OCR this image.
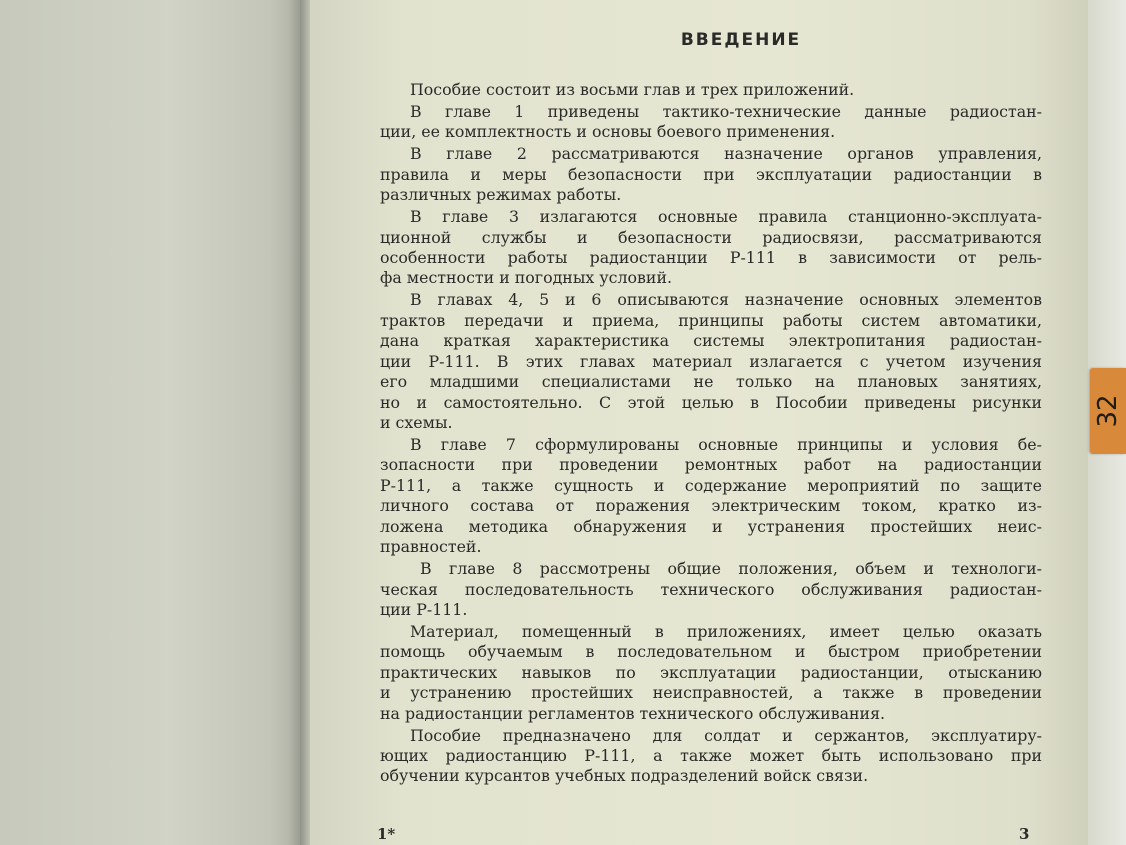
32
ВВЕДЕНИЕ
Пособие состоит из восьми глав и трех приложений.
В главе 1 приведены тактико-технические данные радиостан-
ции, ее комплектность и основы боевого применения.
В главе 2 рассматриваются назначение органов управления,
правила и меры безопасности при эксплуатации радиостанции в
различных режимах работы.
В главе 3 излагаются основные правила станционно-эксплуата-
ционной службы и безопасности радиосвязи, рассматриваются
особенности работы радиостанции Р-111 в зависимости от рель-
фа местности и погодных условий.
В главах 4, 5 и 6 описываются назначение основных элементов
трактов передачи и приема, принципы работы систем автоматики,
дана краткая характеристика системы электропитания радиостан-
ции Р-111. В этих главах материал излагается с учетом изучения
его младшими специалистами не только на плановых занятиях,
но и самостоятельно. С этой целью в Пособии приведены рисунки
и схемы.
В главе 7 сформулированы основные принципы и условия бе-
зопасности при проведении ремонтных работ на радиостанции
Р-111, а также сущность и содержание мероприятий по защите
личного состава от поражения электрическим током, кратко из-
ложена методика обнаружения и устранения простейших неис-
правностей.
В главе 8 рассмотрены общие положения, объем и технологи-
ческая последовательность технического обслуживания радиостан-
ции Р-111.
Материал, помещенный в приложениях, имеет целью оказать
помощь обучаемым в последовательном и быстром приобретении
практических навыков по эксплуатации радиостанции, отысканию
и устранению простейших неисправностей, а также в проведении
на радиостанции регламентов технического обслуживания.
Пособие предназначено для солдат и сержантов, эксплуатиру-
ющих радиостанцию Р-111, а также может быть использовано при
обучении курсантов учебных подразделений войск связи.
1*	3
